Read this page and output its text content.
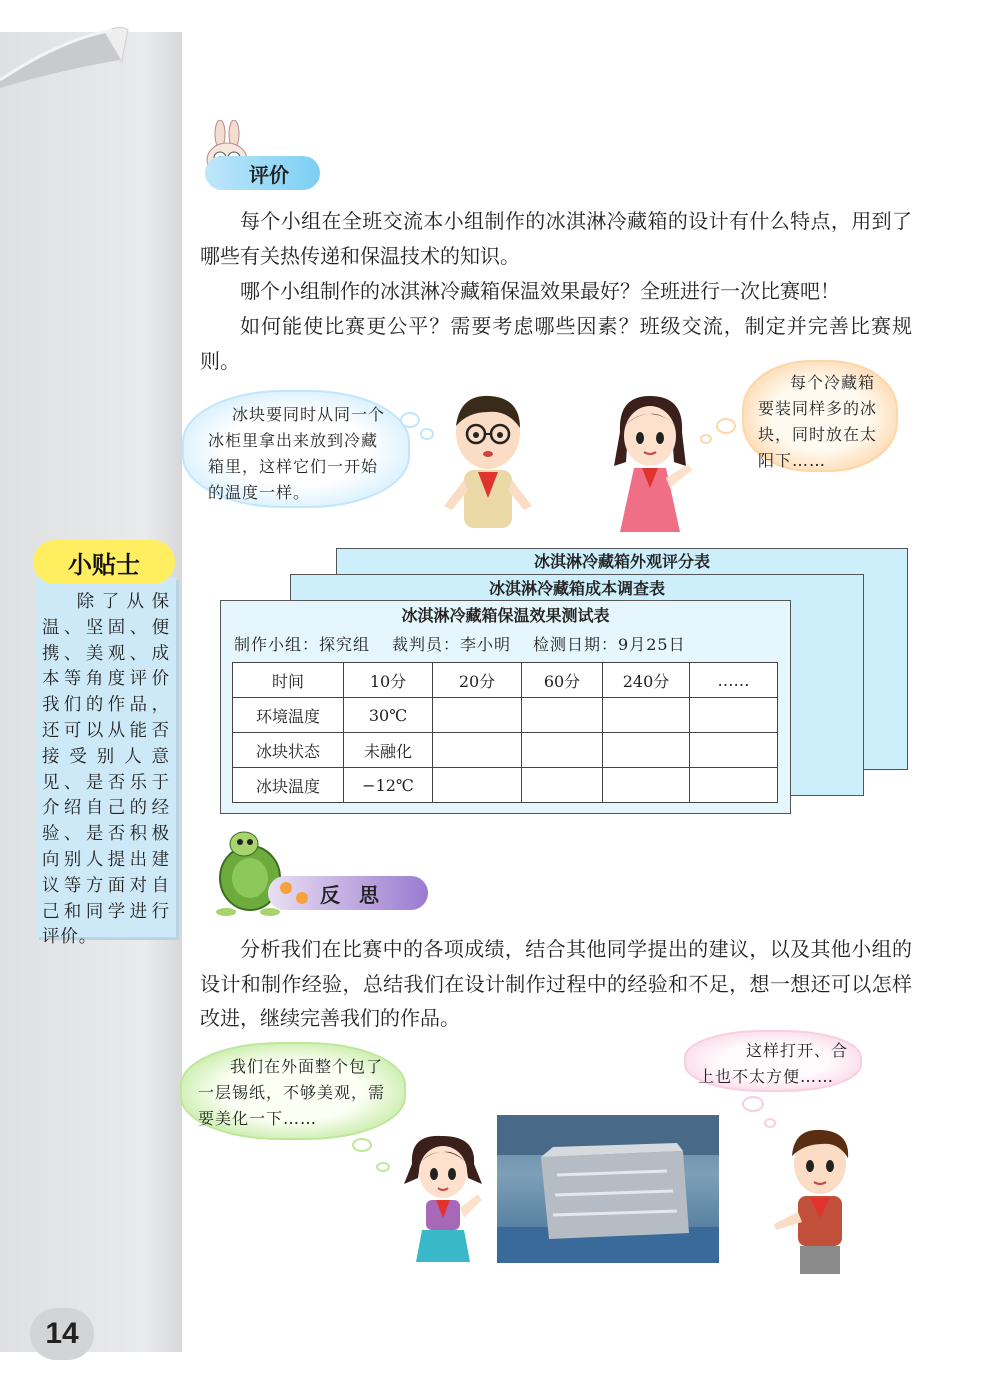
14
评价
每个小组在全班交流本小组制作的冰淇淋冷藏箱的设计有什么特点，用到了哪些有关热传递和保温技术的知识。
哪个小组制作的冰淇淋冷藏箱保温效果最好？全班进行一次比赛吧！
如何能使比赛更公平？需要考虑哪些因素？班级交流，制定并完善比赛规则。
冰块要同时从同一个冰柜里拿出来放到冷藏箱里，这样它们一开始的温度一样。
每个冷藏箱要装同样多的冰块，同时放在太阳下……
小贴士
除了从保温、坚固、便携、美观、成本等角度评价我们的作品，还可以从能否接受别人意见、是否乐于介绍自己的经验、是否积极向别人提出建议等方面对自己和同学进行评价。
冰淇淋冷藏箱外观评分表
冰淇淋冷藏箱成本调查表
冰淇淋冷藏箱保温效果测试表
制作小组：探究组 裁判员：李小明 检测日期：9月25日
时间	10分	20分	60分	240分	……
环境温度	30℃				
冰块状态	未融化				
冰块温度	−12℃				
反 思
分析我们在比赛中的各项成绩，结合其他同学提出的建议，以及其他小组的设计和制作经验，总结我们在设计制作过程中的经验和不足，想一想还可以怎样改进，继续完善我们的作品。
我们在外面整个包了一层锡纸，不够美观，需要美化一下……
这样打开、合上也不太方便……
